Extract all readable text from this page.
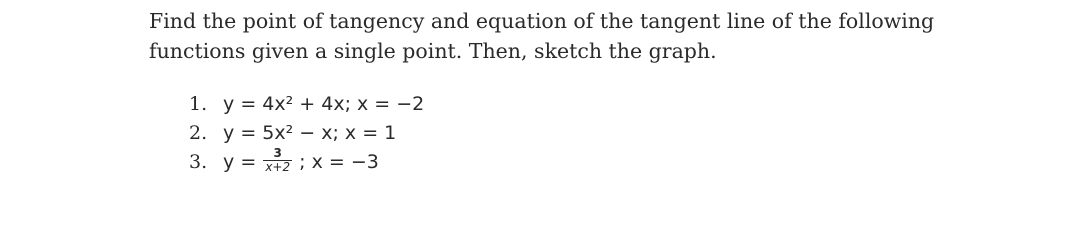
Find the point of tangency and equation of the tangent line of the following
functions given a single point. Then, sketch the graph.
1. y = 4x² + 4x; x = −2
2. y = 5x² − x; x = 1
3. $y = \frac{3}{x+2}$ ; x = −3
